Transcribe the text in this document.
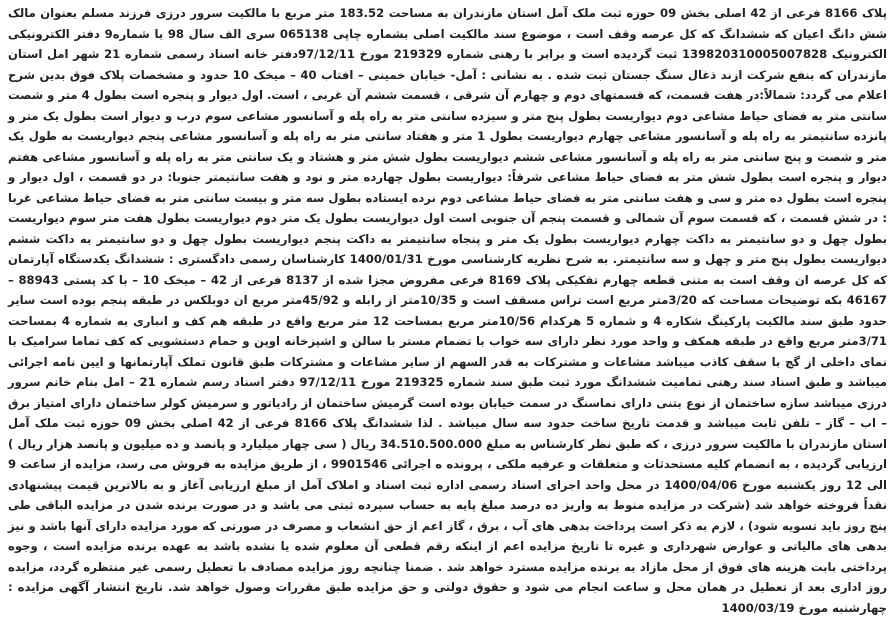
پلاک 8166 فرعی از 42 اصلی بخش 09 حوزه ثبت ملک آمل استان مازندران به مساحت 183.52 متر مربع با مالکیت سرور درزی فرزند مسلم بعنوان مالک شش دانگ اعیان که ششدانگ که کل عرصه وقف است ، موضوع سند مالکیت اصلی بشماره چاپی 065138 سری الف سال 98 با شماره9 دفتر الکترونیکی الکترونیک 139820310005007828 ثبت گردیده است و برابر با رهنی شماره 219329 مورخ 97/12/11دفتر خانه اسناد رسمی شماره 21 شهر امل استان مازندران که بنفع شرکت ازند ذغال سنگ جستان ثبت شده . به نشانی : آمل- خیابان خمینی – افتاب 40 – میخک 10 حدود و مشخصات پلاک فوق بدین شرح اعلام می گردد: شمالاً:در هفت قسمت، که قسمتهای دوم و چهارم آن شرقی ، قسمت ششم آن غربی ، است. اول دیوار و پنجره است بطول 4 متر و شصت سانتی متر به فضای حیاط مشاعی دوم دیواریست بطول پنج متر و سیزده سانتی متر به راه پله و آسانسور مشاعی سوم درب و دیوار است بطول یک متر و پانزده سانتیمتر به راه پله و آسانسور مشاعی چهارم دیواریست بطول 1 متر و هفتاد سانتی متر به راه پله و آسانسور مشاعی پنجم دیواریست به طول یک متر و شصت و پنج سانتی متر به راه پله و آسانسور مشاعی ششم دیواریست بطول شش متر و هشتاد و یک سانتی متر به راه پله و آسانسور مشاعی هفتم دیوار و پنجره است بطول شش متر به فضای حیاط مشاعی شرقاً: دیواریست بطول چهارده متر و نود و هفت سانتیمتر جنوبا: در دو قسمت ، اول دیوار و پنجره است بطول ده متر و سی و هفت سانتی متر به فضای حیاط مشاعی دوم نرده ایستاده بطول سه متر و بیست سانتی متر به فضای حیاط مشاعی غربا : در شش قسمت ، که قسمت سوم آن شمالی و قسمت پنجم آن جنوبی است اول دیواریست بطول یک متر دوم دیواریست بطول هفت متر سوم دیواریست بطول چهل و دو سانتیمتر به داکت چهارم دیواریست بطول یک متر و پنجاه سانتیمتر به داکت پنجم دیواریست بطول چهل و دو سانتیمتر به داکت ششم دیواریست بطول پنج متر و چهل و سه سانتیمتر. به شرح نظریه کارشناسی مورخ 1400/01/31 کارشناسان رسمی دادگستری : ششدانگ یکدستگاه آپارتمان که کل عرصه ان وقف است به متنی قطعه چهارم تفکیکی پلاک 8169 فرعی مفروض مجزا شده از 8137 فرعی از 42 – میخک 10 – با کد پستی 88943 – 46167 بکه توضیحات مساحت که 3/20متر مربع است تراس مسقف است و 10/35متر از رابله و 45/92متر مربع ان دوبلکس در طبقه پنجم بوده است سایر حدود طبق سند مالکیت پارکینگ شکاره 4 و شماره 5 هرکدام 10/56متر مربع بمساحت 12 متر مربع واقع در طبقه هم کف و انباری به شماره 4 بمساحت 3/71متر مربع واقع در طبقه همکف و واحد مورد نظر دارای سه خواب با تضمام مستر با سالن و اشپزخانه اوپن و حمام دستشویی که کف تماما سرامیک با نمای داخلی از گچ با سقف کاذب میباشد مشاعات و مشترکات به قدر السهم از سایر مشاعات و مشترکات طبق قانون تملک آپارتمانها و ایین نامه اجرائی میباشد و طبق اسناد سند رهنی تمامیت ششدانگ مورد ثبت طبق سند شماره 219325 مورخ 97/12/11 دفتر اسناد رسم شماره 21 – امل بنام خانم سرور درزی میباشد سازه ساختمان از نوع بتنی دارای نماسنگ در سمت خیابان بوده است گرمیش ساختمان از رادیاتور و سرمیش کولر ساختمان دارای امتیاز برق – اب – گاز – تلفن ثابت میباشد و قدمت تاریخ ساخت حدود سه سال میباشد . لذا ششدانگ پلاک 8166 فرعی از 42 اصلی بخش 09 حوزه ثبت ملک آمل استان مازندران با مالکیت سرور درزی ، که طبق نظر کارشناس به مبلغ 34.510.500.000 ریال ( سی چهار میلیارد و پانصد و ده میلیون و پانصد هزار ریال ) ارزیابی گردیده ، به انضمام کلیه مستحدثات و متعلقات و عرفیه ملکی ، پرونده ه اجرائی 9901546 ، از طریق مزایده به فروش می رسد، مزایده از ساعت 9 الی 12 روز یکشنبه مورخ 1400/04/06 در محل واحد اجرای اسناد رسمی اداره ثبت اسناد و املاک آمل از مبلغ ارزیابی آغاز و به بالاترین قیمت پیشنهادی نقداً فروخته خواهد شد (شرکت در مزایده منوط به واریز ده درصد مبلغ پایه به حساب سپرده ثبتی می باشد و در صورت برنده شدن در مزایده الباقی طی پنج روز باید تسویه شود) ، لازم به ذکر است پرداخت بدهی های آب ، برق ، گاز اعم از حق انشعاب و مصرف در صورتی که مورد مزایده دارای آنها باشد و نیز بدهی های مالیاتی و عوارض شهرداری و غیره تا تاریخ مزایده اعم از اینکه رقم قطعی آن معلوم شده یا نشده باشد به عهده برنده مزایده است ، وجوه پرداختی بابت هزینه های فوق از محل مازاد به برنده مزایده مسترد خواهد شد . ضمنا چنانچه روز مزایده مصادف با تعطیل رسمی غیر منتظره گردد، مزایده روز اداری بعد از تعطیل در همان محل و ساعت انجام می شود و حقوق دولتی و حق مزایده طبق مقررات وصول خواهد شد. تاریخ انتشار آگهی مزایده : چهارشنبه مورخ 1400/03/19
